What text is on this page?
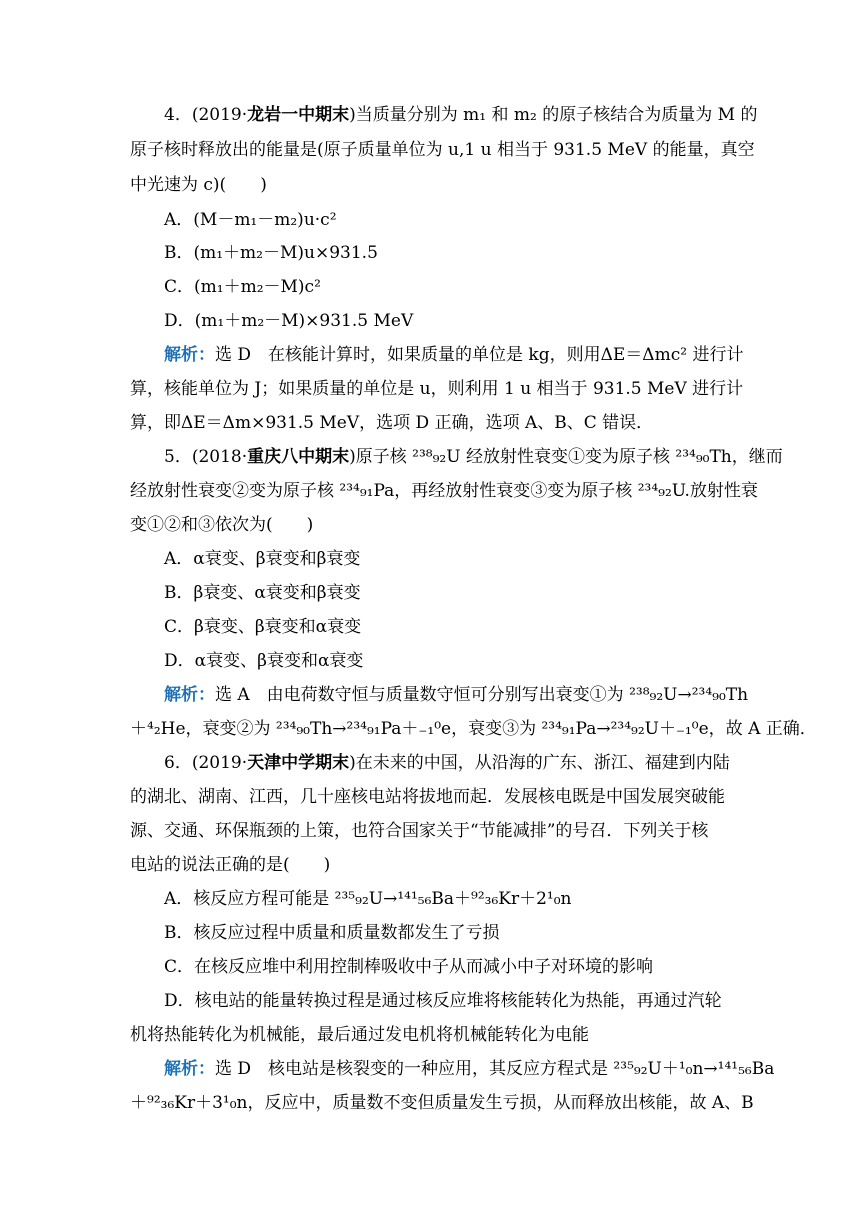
4．(2019·龙岩一中期末)当质量分别为 m₁ 和 m₂ 的原子核结合为质量为 M 的
原子核时释放出的能量是(原子质量单位为 u,1 u 相当于 931.5 MeV 的能量，真空
中光速为 c)(　　)
A．(M－m₁－m₂)u·c²
B．(m₁＋m₂－M)u×931.5
C．(m₁＋m₂－M)c²
D．(m₁＋m₂－M)×931.5 MeV
解析：选 D　在核能计算时，如果质量的单位是 kg，则用ΔE＝Δmc² 进行计
算，核能单位为 J；如果质量的单位是 u，则利用 1 u 相当于 931.5 MeV 进行计
算，即ΔE＝Δm×931.5 MeV，选项 D 正确，选项 A、B、C 错误．
5．(2018·重庆八中期末)原子核 ²³⁸₉₂U 经放射性衰变①变为原子核 ²³⁴₉₀Th，继而
经放射性衰变②变为原子核 ²³⁴₉₁Pa，再经放射性衰变③变为原子核 ²³⁴₉₂U.放射性衰
变①②和③依次为(　　)
A．α衰变、β衰变和β衰变
B．β衰变、α衰变和β衰变
C．β衰变、β衰变和α衰变
D．α衰变、β衰变和α衰变
解析：选 A　由电荷数守恒与质量数守恒可分别写出衰变①为 ²³⁸₉₂U→²³⁴₉₀Th
＋⁴₂He，衰变②为 ²³⁴₉₀Th→²³⁴₉₁Pa＋₋₁⁰e，衰变③为 ²³⁴₉₁Pa→²³⁴₉₂U＋₋₁⁰e，故 A 正确．
6．(2019·天津中学期末)在未来的中国，从沿海的广东、浙江、福建到内陆
的湖北、湖南、江西，几十座核电站将拔地而起．发展核电既是中国发展突破能
源、交通、环保瓶颈的上策，也符合国家关于“节能减排”的号召．下列关于核
电站的说法正确的是(　　)
A．核反应方程可能是 ²³⁵₉₂U→¹⁴¹₅₆Ba＋⁹²₃₆Kr＋2¹₀n
B．核反应过程中质量和质量数都发生了亏损
C．在核反应堆中利用控制棒吸收中子从而减小中子对环境的影响
D．核电站的能量转换过程是通过核反应堆将核能转化为热能，再通过汽轮
机将热能转化为机械能，最后通过发电机将机械能转化为电能
解析：选 D　核电站是核裂变的一种应用，其反应方程式是 ²³⁵₉₂U＋¹₀n→¹⁴¹₅₆Ba
＋⁹²₃₆Kr＋3¹₀n，反应中，质量数不变但质量发生亏损，从而释放出核能，故 A、B
